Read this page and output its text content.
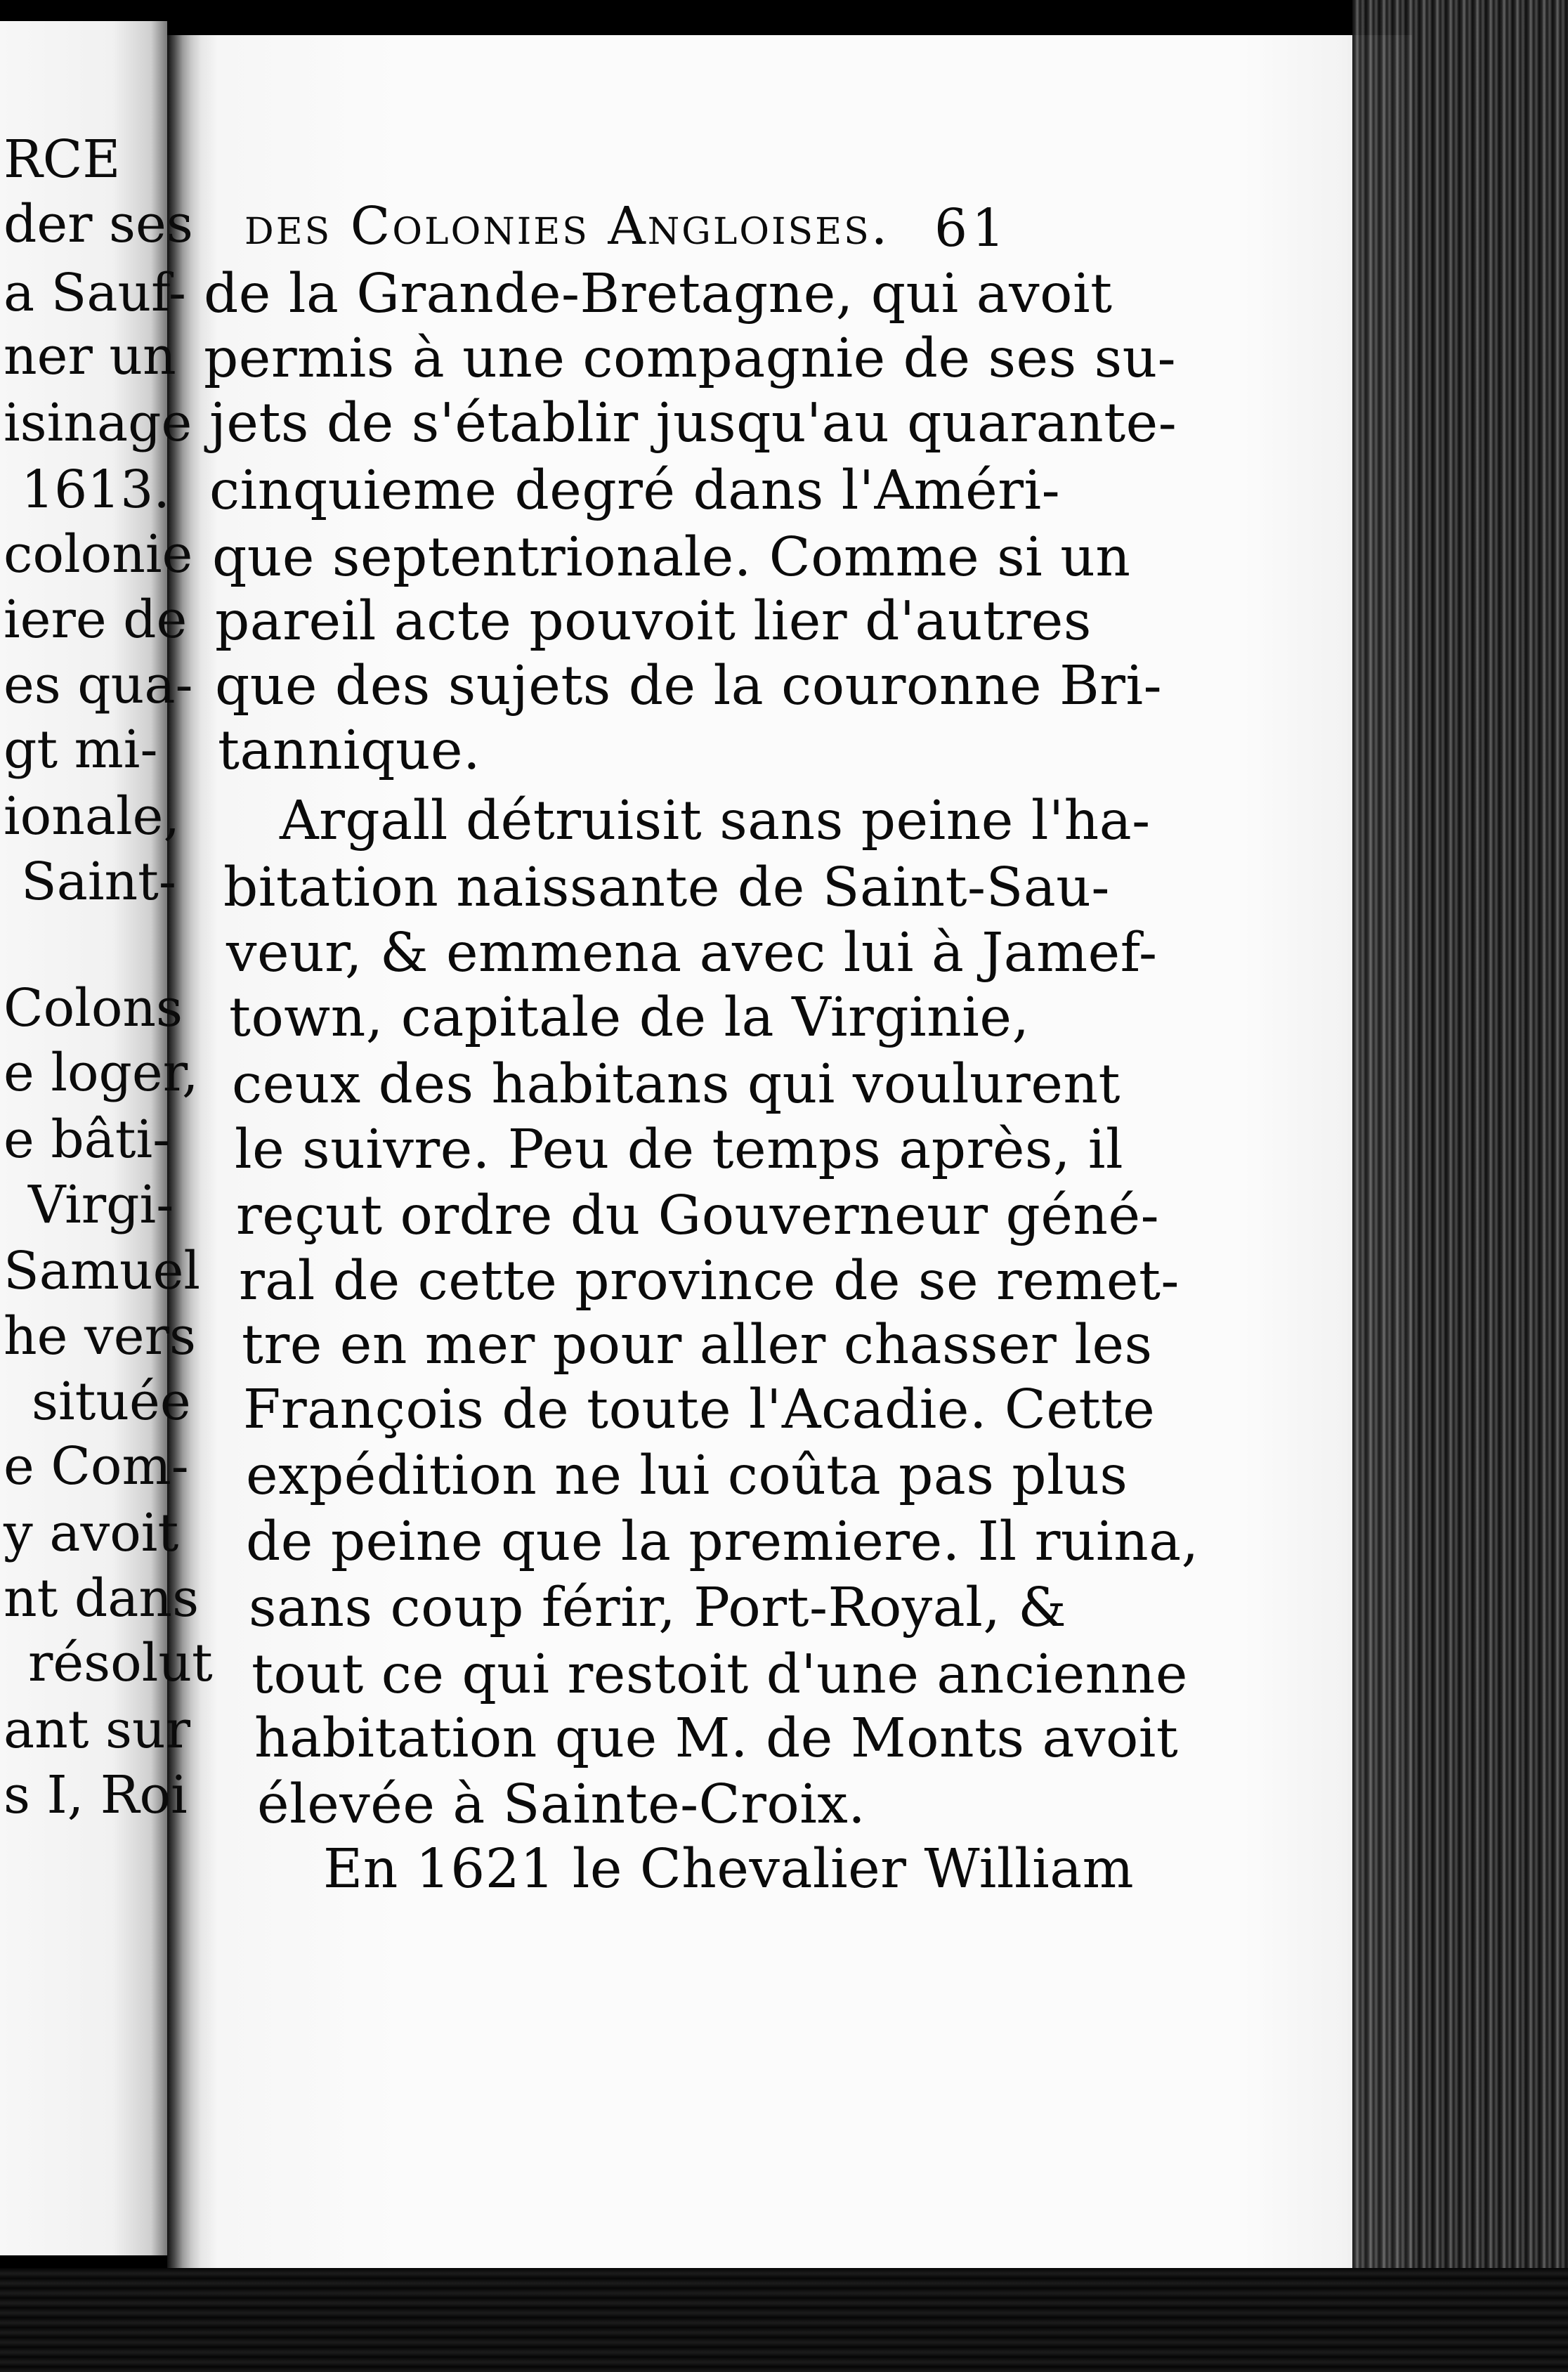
des Colonies Angloises. 61

de la Grande-Bretagne, qui avoit

permis à une compagnie de ses su-

jets de s'établir jusqu'au quarante-

cinquieme degré dans l'Améri-

que septentrionale. Comme si un

pareil acte pouvoit lier d'autres

que des sujets de la couronne Bri-

tannique.

Argall détruisit sans peine l'ha-

bitation naissante de Saint-Sau-

veur, & emmena avec lui à Jamef-

town, capitale de la Virginie,

ceux des habitans qui voulurent

le suivre. Peu de temps après, il

reçut ordre du Gouverneur géné-

ral de cette province de se remet-

tre en mer pour aller chasser les

François de toute l'Acadie. Cette

expédition ne lui coûta pas plus

de peine que la premiere. Il ruina,

sans coup férir, Port-Royal, &

tout ce qui restoit d'une ancienne

habitation que M. de Monts avoit

élevée à Sainte-Croix.

En 1621 le Chevalier William

RCE

der ses

a Sauf-

ner un

isinage

1613.

colonie

iere de

es qua-

gt mi-

ionale,

Saint-

Colons

e loger,

e bâti-

Virgi-

Samuel

he vers

située

e Com-

y avoit

nt dans

résolut

ant sur

s I, Roi
